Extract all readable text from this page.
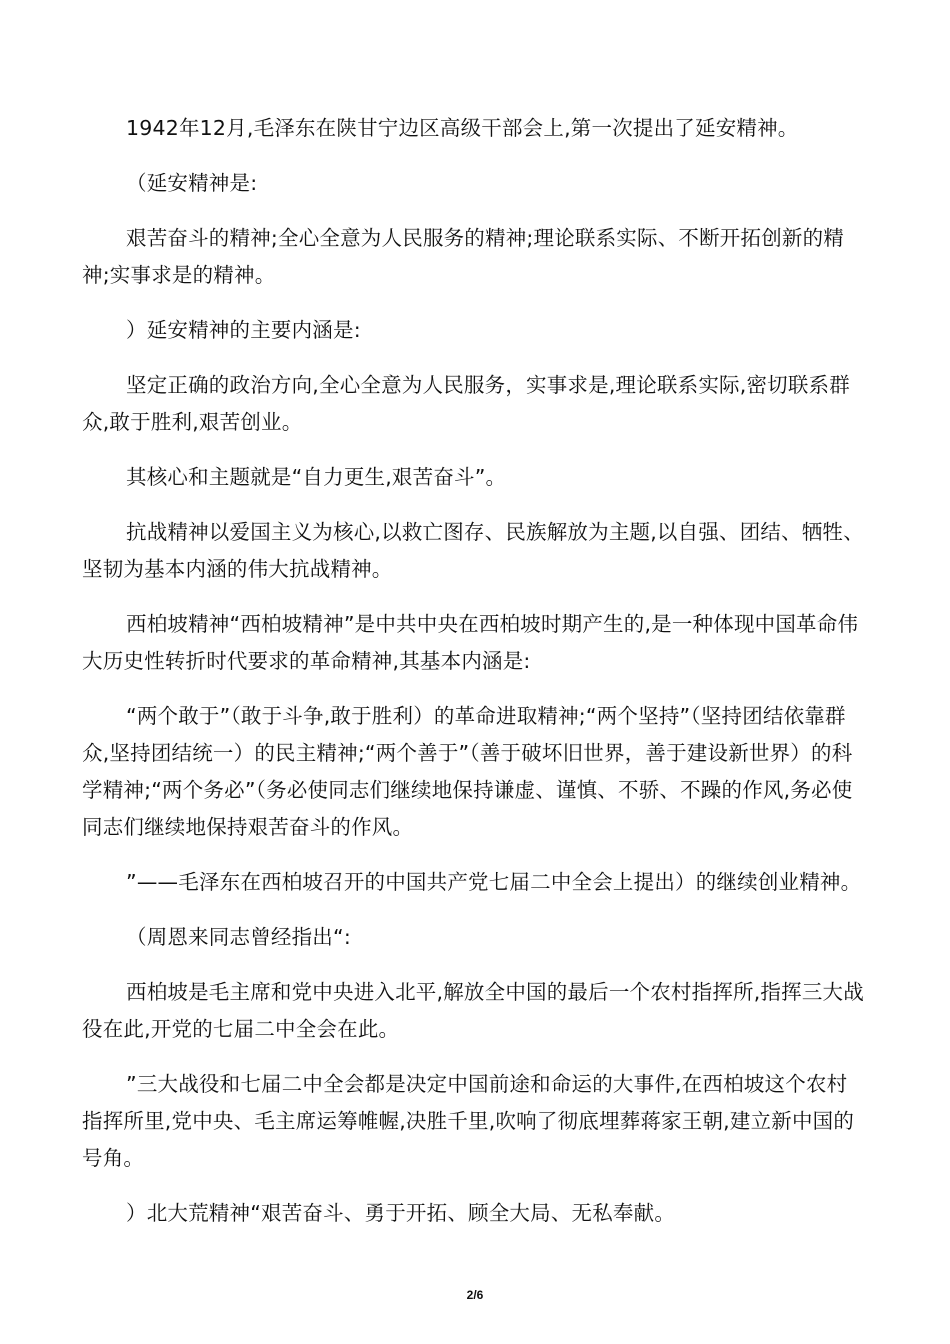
1942年12月,毛泽东在陕甘宁边区高级干部会上,第一次提出了延安精神。

（延安精神是:

艰苦奋斗的精神;全心全意为人民服务的精神;理论联系实际、不断开拓创新的精神;实事求是的精神。

）延安精神的主要内涵是:

坚定正确的政治方向,全心全意为人民服务，实事求是,理论联系实际,密切联系群众,敢于胜利,艰苦创业。

其核心和主题就是“自力更生,艰苦奋斗”。

抗战精神以爱国主义为核心,以救亡图存、民族解放为主题,以自强、团结、牺牲、坚韧为基本内涵的伟大抗战精神。

西柏坡精神“西柏坡精神”是中共中央在西柏坡时期产生的,是一种体现中国革命伟大历史性转折时代要求的革命精神,其基本内涵是:

“两个敢于”（敢于斗争,敢于胜利）的革命进取精神;“两个坚持”（坚持团结依靠群众,坚持团结统一）的民主精神;“两个善于”（善于破坏旧世界，善于建设新世界）的科学精神;“两个务必”（务必使同志们继续地保持谦虚、谨慎、不骄、不躁的作风,务必使同志们继续地保持艰苦奋斗的作风。

”——毛泽东在西柏坡召开的中国共产党七届二中全会上提出）的继续创业精神。

（周恩来同志曾经指出“:

西柏坡是毛主席和党中央进入北平,解放全中国的最后一个农村指挥所,指挥三大战役在此,开党的七届二中全会在此。

”三大战役和七届二中全会都是决定中国前途和命运的大事件,在西柏坡这个农村指挥所里,党中央、毛主席运筹帷幄,决胜千里,吹响了彻底埋葬蒋家王朝,建立新中国的号角。

）北大荒精神“艰苦奋斗、勇于开拓、顾全大局、无私奉献。

2/6
